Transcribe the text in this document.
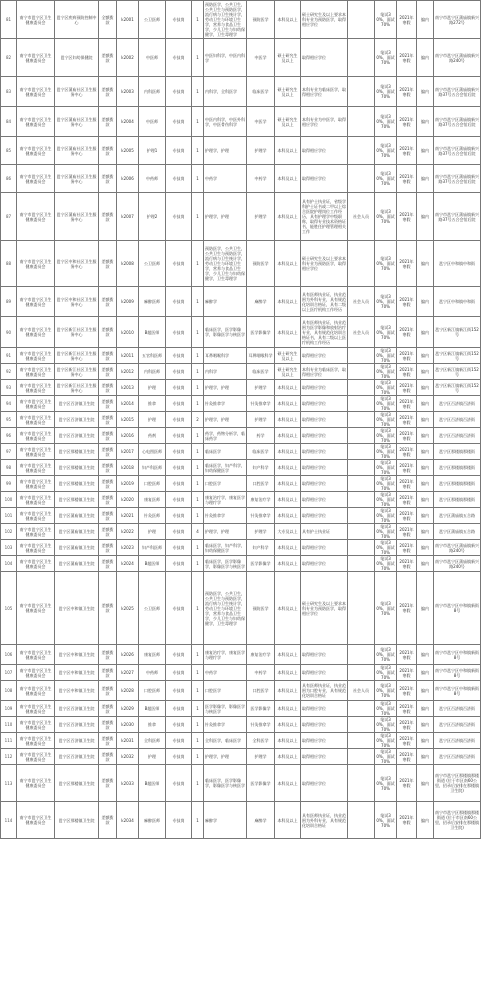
81	南宁市邕宁区卫生健康委员会	邕宁区疾病预防控制中心	全额拨款	k2001	公卫医师	专技岗	1	预防医学，公共卫生，公共卫生与预防医学，流行病与卫生统计学，劳动卫生与环境卫生学，营养与食品卫生学，少儿卫生与妇幼保健学，卫生毒理学	预防医学	本科及以上	硕士研究生及以上要求本科专业为预防医学，取得相应学位		笔试30%，面试70%	2021年寒假	编内	南宁市邕宁区蒲庙镇新兴路272号
82	南宁市邕宁区卫生健康委员会	邕宁区妇幼保健院	差额拨款	k2002	中医师	专技岗	1	中医妇科学，中医内科学	中医学	硕士研究生及以上	取得相应学位		笔试30%，面试70%	2021年寒假	编内	南宁市邕宁区蒲庙镇新兴路240号
83	南宁市邕宁区卫生健康委员会	邕宁区蒲庙社区卫生服务中心	差额拨款	k2003	内科医师	专技岗	1	内科学，全科医学	临床医学	硕士研究生及以上	本科专业为临床医学，取得相应学位		笔试30%，面试70%	2021年寒假	编内	南宁市邕宁区蒲庙镇新兴路37号五合会馆后院
84	南宁市邕宁区卫生健康委员会	邕宁区蒲庙社区卫生服务中心	差额拨款	k2004	中医师	专技岗	1	中医内科学，中医外科学，中医骨伤科学	中医学	硕士研究生及以上	本科专业为中医学，取得相应学位		笔试30%，面试70%	2021年寒假	编内	南宁市邕宁区蒲庙镇新兴路37号五合会馆后院
85	南宁市邕宁区卫生健康委员会	邕宁区蒲庙社区卫生服务中心	差额拨款	k2005	护理1	专技岗	1	护理学，护理	护理学	本科及以上	取得相应学位		笔试30%，面试70%	2021年寒假	编内	南宁市邕宁区蒲庙镇新兴路37号五合会馆后院
86	南宁市邕宁区卫生健康委员会	邕宁区蒲庙社区卫生服务中心	差额拨款	k2006	中药师	专技岗	1	中药学	中药学	本科及以上	取得相应学位		笔试30%，面试70%	2021年寒假	编内	南宁市邕宁区蒲庙镇新兴路37号五合会馆后院
87	南宁市邕宁区卫生健康委员会	邕宁区蒲庙社区卫生服务中心	差额拨款	k2007	护理2	专技岗	1	护理学，护理	护理学	本科及以上	具有护士执业证，省级学科护士证书或二甲以上综合医院护理岗位工作经历，具有护理学中级职称，取得专业技术资格证书，能胜任护理管理相关工作	社会人员	笔试30%，面试70%	2021年寒假	编内	南宁市邕宁区蒲庙镇新兴路37号五合会馆后院
88	南宁市邕宁区卫生健康委员会	邕宁区中和社区卫生服务中心	差额拨款	k2008	公卫医师	专技岗	1	预防医学，公共卫生，公共卫生与预防医学，流行病与卫生统计学，劳动卫生与环境卫生学，营养与食品卫生学，少儿卫生与妇幼保健学，卫生毒理学	预防医学	本科及以上	硕士研究生及以上要求本科专业为预防医学，取得相应学位		笔试30%，面试70%	2021年寒假	编内	邕宁区中和镇中和街
89	南宁市邕宁区卫生健康委员会	邕宁区中和社区卫生服务中心	差额拨款	k2009	麻醉医师	专技岗	1	麻醉学	麻醉学	本科及以上	具有医师执业证，执业范围为外科专业，具有规范化培训合格证，具有二级以上医疗机构工作经历	社会人员	笔试30%，面试70%	2021年寒假	编内	邕宁区中和镇中和街
90	南宁市邕宁区卫生健康委员会	邕宁区新江社区卫生服务中心	差额拨款	k2010	B超医师	专技岗	1	临床医学，医学影像学，影像医学与核医学	医学影像学	本科及以上	具有医师执业证，执业范围为医学影像和放射治疗专业，具有规范化培训合格证书，具有二级以上医疗机构工作经历	社会人员	笔试30%，面试70%	2021年寒假	编内	邕宁区新江镇新江街152号
91	南宁市邕宁区卫生健康委员会	邕宁区新江社区卫生服务中心	差额拨款	k2011	五官科医师	专技岗	1	耳鼻咽喉科学	耳鼻咽喉科学	硕士研究生及以上	取得相应学位		笔试30%，面试70%	2021年寒假	编内	邕宁区新江镇新江街152号
92	南宁市邕宁区卫生健康委员会	邕宁区新江社区卫生服务中心	差额拨款	k2012	内科医师	专技岗	1	内科学	临床医学	硕士研究生及以上	本科专业为临床医学，取得相应学位		笔试30%，面试70%	2021年寒假	编内	邕宁区新江镇新江街152号
93	南宁市邕宁区卫生健康委员会	邕宁区新江社区卫生服务中心	差额拨款	k2013	护理	专技岗	1	护理学，护理	护理学	本科及以上	取得相应学位		笔试30%，面试70%	2021年寒假	编内	邕宁区新江镇新江街152号
94	南宁市邕宁区卫生健康委员会	邕宁区百济镇卫生院	差额拨款	k2014	推拿	专技岗	1	针灸推拿学	针灸推拿学	本科及以上	取得相应学位		笔试30%，面试70%	2021年寒假	编内	邕宁区百济镇百济街
95	南宁市邕宁区卫生健康委员会	邕宁区百济镇卫生院	差额拨款	k2015	护理	专技岗	2	护理学，护理	护理学	本科及以上	取得相应学位		笔试30%，面试70%	2021年寒假	编内	邕宁区百济镇百济街
96	南宁市邕宁区卫生健康委员会	邕宁区百济镇卫生院	差额拨款	k2016	药剂	专技岗	1	药学，药物分析学，临床药学	药学	本科及以上	取得相应学位		笔试30%，面试70%	2021年寒假	编内	邕宁区百济镇百济街
97	南宁市邕宁区卫生健康委员会	邕宁区那楼镇卫生院	差额拨款	k2017	心电图医师	专技岗	1	临床医学	临床医学	本科及以上	取得相应学位		笔试30%，面试70%	2021年寒假	编内	邕宁区那楼镇那楼街
98	南宁市邕宁区卫生健康委员会	邕宁区那楼镇卫生院	差额拨款	k2018	妇产科医师	专技岗	1	临床医学，妇产科学，妇幼保健医学	妇产科学	本科及以上	取得相应学位		笔试30%，面试70%	2021年寒假	编内	邕宁区那楼镇那楼街
99	南宁市邕宁区卫生健康委员会	邕宁区那楼镇卫生院	差额拨款	k2019	口腔医师	专技岗	1	口腔医学	口腔医学	本科及以上	取得相应学位		笔试30%，面试70%	2021年寒假	编内	邕宁区那楼镇那楼街
100	南宁市邕宁区卫生健康委员会	邕宁区那楼镇卫生院	差额拨款	k2020	康复医师	专技岗	1	康复治疗学，康复医学与理疗学	康复治疗学	本科及以上	取得相应学位		笔试30%，面试70%	2021年寒假	编内	邕宁区那楼镇那楼街
101	南宁市邕宁区卫生健康委员会	邕宁区蒲庙镇卫生院	差额拨款	k2021	针灸医师	专技岗	1	针灸推拿学	针灸推拿学	本科及以上	取得相应学位		笔试30%，面试70%	2021年寒假	编内	邕宁区蒲庙镇五合路
102	南宁市邕宁区卫生健康委员会	邕宁区蒲庙镇卫生院	差额拨款	k2022	护理	专技岗	4	护理学，护理	护理学	大专及以上	具有护士执业证		笔试30%，面试70%	2021年寒假	编内	邕宁区蒲庙镇五合路
103	南宁市邕宁区卫生健康委员会	邕宁区蒲庙镇卫生院	差额拨款	k2023	妇产科医师	专技岗	1	临床医学，妇产科学，妇幼保健医学	妇产科学	本科及以上	取得相应学位		笔试30%，面试70%	2021年寒假	编内	南宁市邕宁区蒲庙镇新兴路240号
104	南宁市邕宁区卫生健康委员会	邕宁区蒲庙镇卫生院	差额拨款	k2024	B超医师	专技岗	1	临床医学，医学影像学，影像医学与核医学	医学影像学	本科及以上	取得相应学位		笔试30%，面试70%	2021年寒假	编内	南宁市邕宁区蒲庙镇新兴路240号
105	南宁市邕宁区卫生健康委员会	邕宁区中和镇卫生院	差额拨款	k2025	公卫医师	专技岗	1	预防医学，公共卫生，公共卫生与预防医学，流行病与卫生统计学，劳动卫生与环境卫生学，营养与食品卫生学，少儿卫生与妇幼保健学，卫生毒理学	预防医学	本科及以上	硕士研究生及以上要求本科专业为预防医学，取得相应学位		笔试30%，面试70%	2021年寒假	编内	南宁市邕宁区中和镇新街8号
106	南宁市邕宁区卫生健康委员会	邕宁区中和镇卫生院	差额拨款	k2026	康复医师	专技岗	1	康复治疗学，康复医学与理疗学	康复治疗学	本科及以上	取得相应学位		笔试30%，面试70%	2021年寒假	编内	南宁市邕宁区中和镇新街8号
107	南宁市邕宁区卫生健康委员会	邕宁区中和镇卫生院	差额拨款	k2027	中药师	专技岗	1	中药学	中药学	本科及以上	取得相应学位		笔试30%，面试70%	2021年寒假	编内	南宁市邕宁区中和镇新街8号
108	南宁市邕宁区卫生健康委员会	邕宁区中和镇卫生院	差额拨款	k2028	口腔医师	专技岗	1	口腔医学	口腔医学	本科及以上	具有医师执业证，执业范围为口腔专业，具有规范化培训合格证	社会人员	笔试30%，面试70%	2021年寒假	编内	南宁市邕宁区中和镇新街8号
109	南宁市邕宁区卫生健康委员会	邕宁区百济镇卫生院	差额拨款	k2029	B超医师	专技岗	1	医学影像学，影像医学与核医学	医学影像学	本科及以上	取得相应学位		笔试30%，面试70%	2021年寒假	编内	邕宁区百济镇百济街
110	南宁市邕宁区卫生健康委员会	邕宁区百济镇卫生院	差额拨款	k2030	推拿	专技岗	1	针灸推拿学	针灸推拿学	本科及以上	取得相应学位		笔试30%，面试70%	2021年寒假	编内	邕宁区百济镇百济街
111	南宁市邕宁区卫生健康委员会	邕宁区百济镇卫生院	差额拨款	k2031	全科医师	专技岗	1	全科医学，临床医学	全科医学	本科及以上	取得相应学位		笔试30%，面试70%	2021年寒假	编内	邕宁区百济镇百济街
112	南宁市邕宁区卫生健康委员会	邕宁区百济镇卫生院	差额拨款	k2032	护理	专技岗	1	护理学，护理	护理学	本科及以上	取得相应学位		笔试30%，面试70%	2021年寒假	编内	邕宁区百济镇百济街
113	南宁市邕宁区卫生健康委员会	邕宁区那楼镇卫生院	差额拨款	k2033	B超医师	专技岗	1	临床医学，医学影像学，影像医学与核医学	医学影像学	本科及以上	取得相应学位		笔试30%，面试70%	2021年寒假	编内	南宁市邕宁区那楼镇那楼街道 (位于市区南60公里，招录后安排在那楼镇卫生院)
114	南宁市邕宁区卫生健康委员会	邕宁区那楼镇卫生院	差额拨款	k2034	麻醉医师	专技岗	1	麻醉学	麻醉学	本科及以上	具有医师执业证，执业范围为外科专业，具有规范化培训合格证		笔试30%，面试70%	2021年寒假	编内	南宁市邕宁区那楼镇那楼街道 (位于市区南60公里，招录后安排在那楼镇卫生院)
